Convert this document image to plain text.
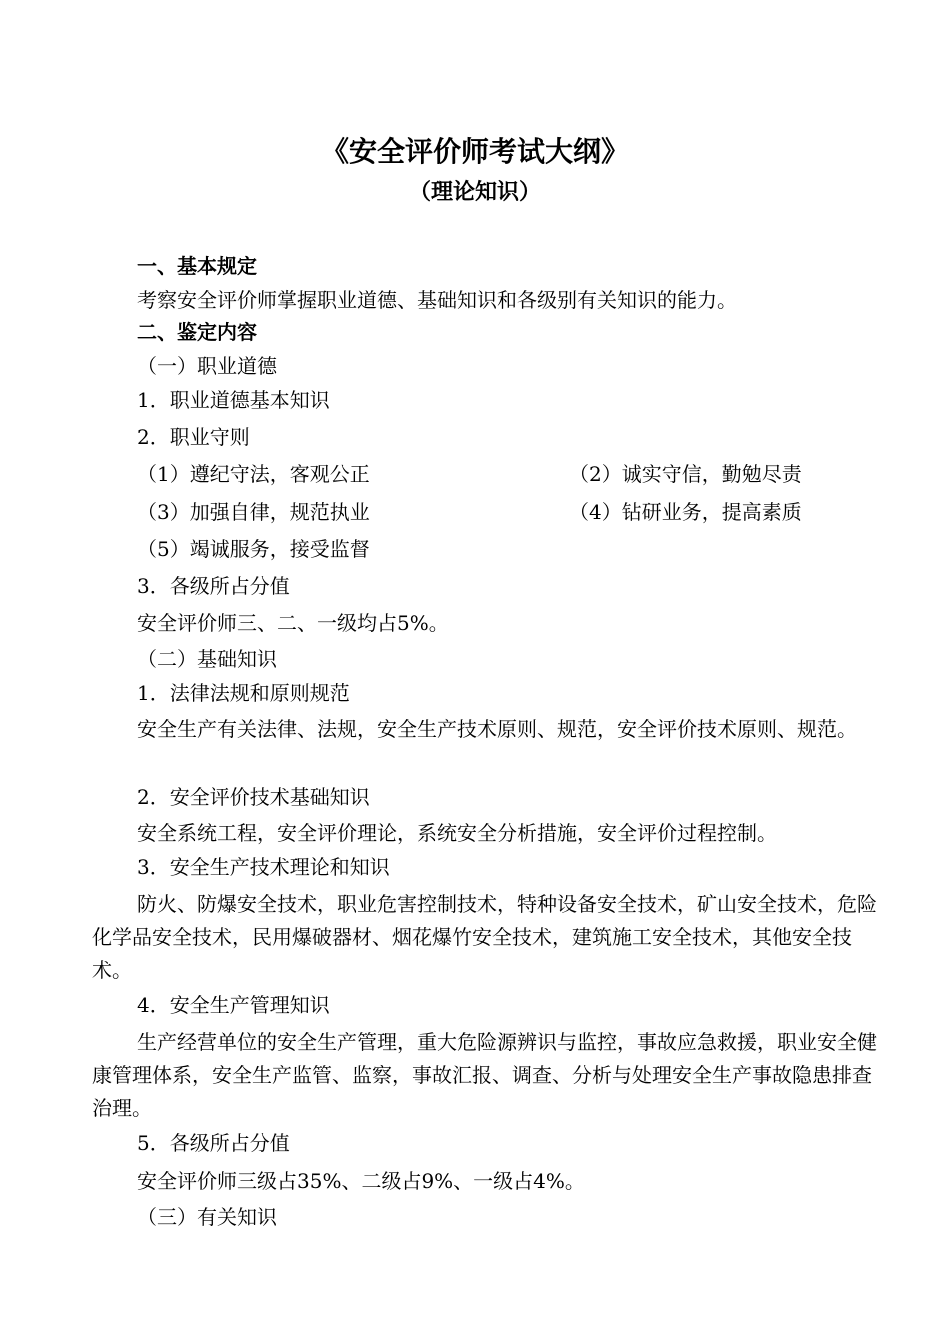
《安全评价师考试大纲》
（理论知识）
一、基本规定
考察安全评价师掌握职业道德、基础知识和各级别有关知识的能力。
二、鉴定内容
（一）职业道德
1．职业道德基本知识
2．职业守则
（1）遵纪守法，客观公正	（2）诚实守信，勤勉尽责
（3）加强自律，规范执业	（4）钻研业务，提高素质
（5）竭诚服务，接受监督
3．各级所占分值
安全评价师三、二、一级均占5%。
（二）基础知识
1．法律法规和原则规范
安全生产有关法律、法规，安全生产技术原则、规范，安全评价技术原则、规范。
2．安全评价技术基础知识
安全系统工程，安全评价理论，系统安全分析措施，安全评价过程控制。
3．安全生产技术理论和知识
防火、防爆安全技术，职业危害控制技术，特种设备安全技术，矿山安全技术，危险化学品安全技术，民用爆破器材、烟花爆竹安全技术，建筑施工安全技术，其他安全技术。
4．安全生产管理知识
生产经营单位的安全生产管理，重大危险源辨识与监控，事故应急救援，职业安全健康管理体系，安全生产监管、监察，事故汇报、调查、分析与处理安全生产事故隐患排查治理。
5．各级所占分值
安全评价师三级占35%、二级占9%、一级占4%。
（三）有关知识
